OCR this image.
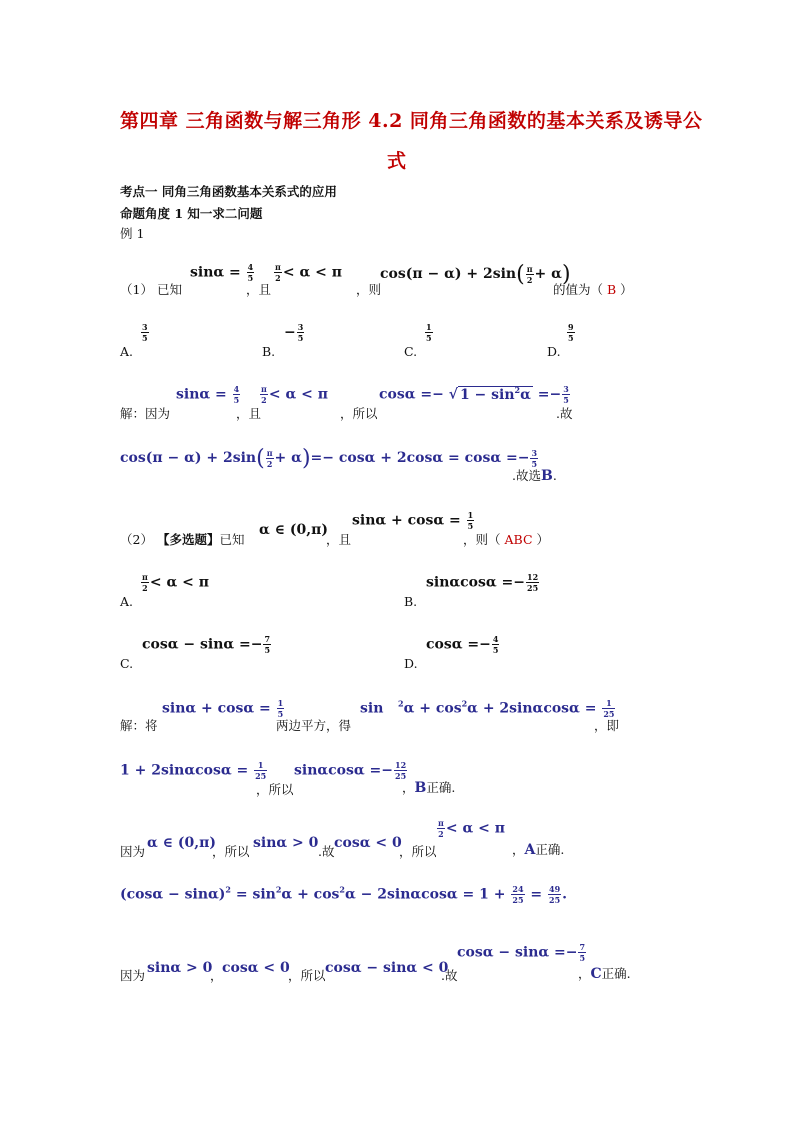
第四章 三角函数与解三角形 4.2 同角三角函数的基本关系及诱导公
式
考点一 同角三角函数基本关系式的应用
命题角度 1 知一求二问题
例 1
（1） 已知
$\sin\alpha = \frac{4}{5}$
，且
$\frac{\pi}{2} < \alpha < \pi$
，则
$\cos(\pi - \alpha) + 2\sin( \frac{\pi}{2} + \alpha)$
的值为（ B ）
A.
$\frac{3}{5}$
B.
− $\frac{3}{5}$
C.
$\frac{1}{5}$
D.
$\frac{9}{5}$
解：因为
$\sin\alpha = \frac{4}{5}$
，且
$\frac{\pi}{2} < \alpha < \pi$
，所以
cosα =− √ $1 - \sin^2\alpha =- \frac{3}{5}$
.故
$\cos(\pi - \alpha) + 2\sin( \frac{\pi}{2} + \alpha)=- \cos\alpha + 2\cos\alpha = \cos\alpha =- \frac{3}{5}$
.故选B.
（2） 【多选题】已知
α ∈ (0,π)
，且
$\sin\alpha + \cos\alpha = \frac{1}{5}$
，则（ ABC ）
A.
$\frac{\pi}{2} < \alpha < \pi$
B.
$\sin\alpha\cos\alpha =- \frac{12}{25}$
C.
$\cos\alpha - \sin\alpha =- \frac{7}{5}$
D.
$\cos\alpha =- \frac{4}{5}$
解：将
$\sin\alpha + \cos\alpha = \frac{1}{5}$
两边平方，得
$\sin ^2\alpha + \cos^2\alpha + 2\sin\alpha\cos\alpha = \frac{1}{25}$
，即
$1 + 2\sin\alpha\cos\alpha = \frac{1}{25}$
，所以
$\sin\alpha\cos\alpha =- \frac{12}{25}$
，B正确.
因为
α ∈ (0,π)
，所以
sinα > 0
.故
cosα < 0
，所以
$\frac{\pi}{2} < \alpha < \pi$
，A正确.
$(\cos\alpha - \sin\alpha)^2 = \sin^2\alpha + \cos^2\alpha - 2\sin\alpha\cos\alpha = 1 + \frac{24}{25} = \frac{49}{25}$ .
因为 sinα > 0
， cosα < 0
，所以 cosα − sinα < 0
.故
$\cos\alpha - \sin\alpha =- \frac{7}{5}$
，C正确.
